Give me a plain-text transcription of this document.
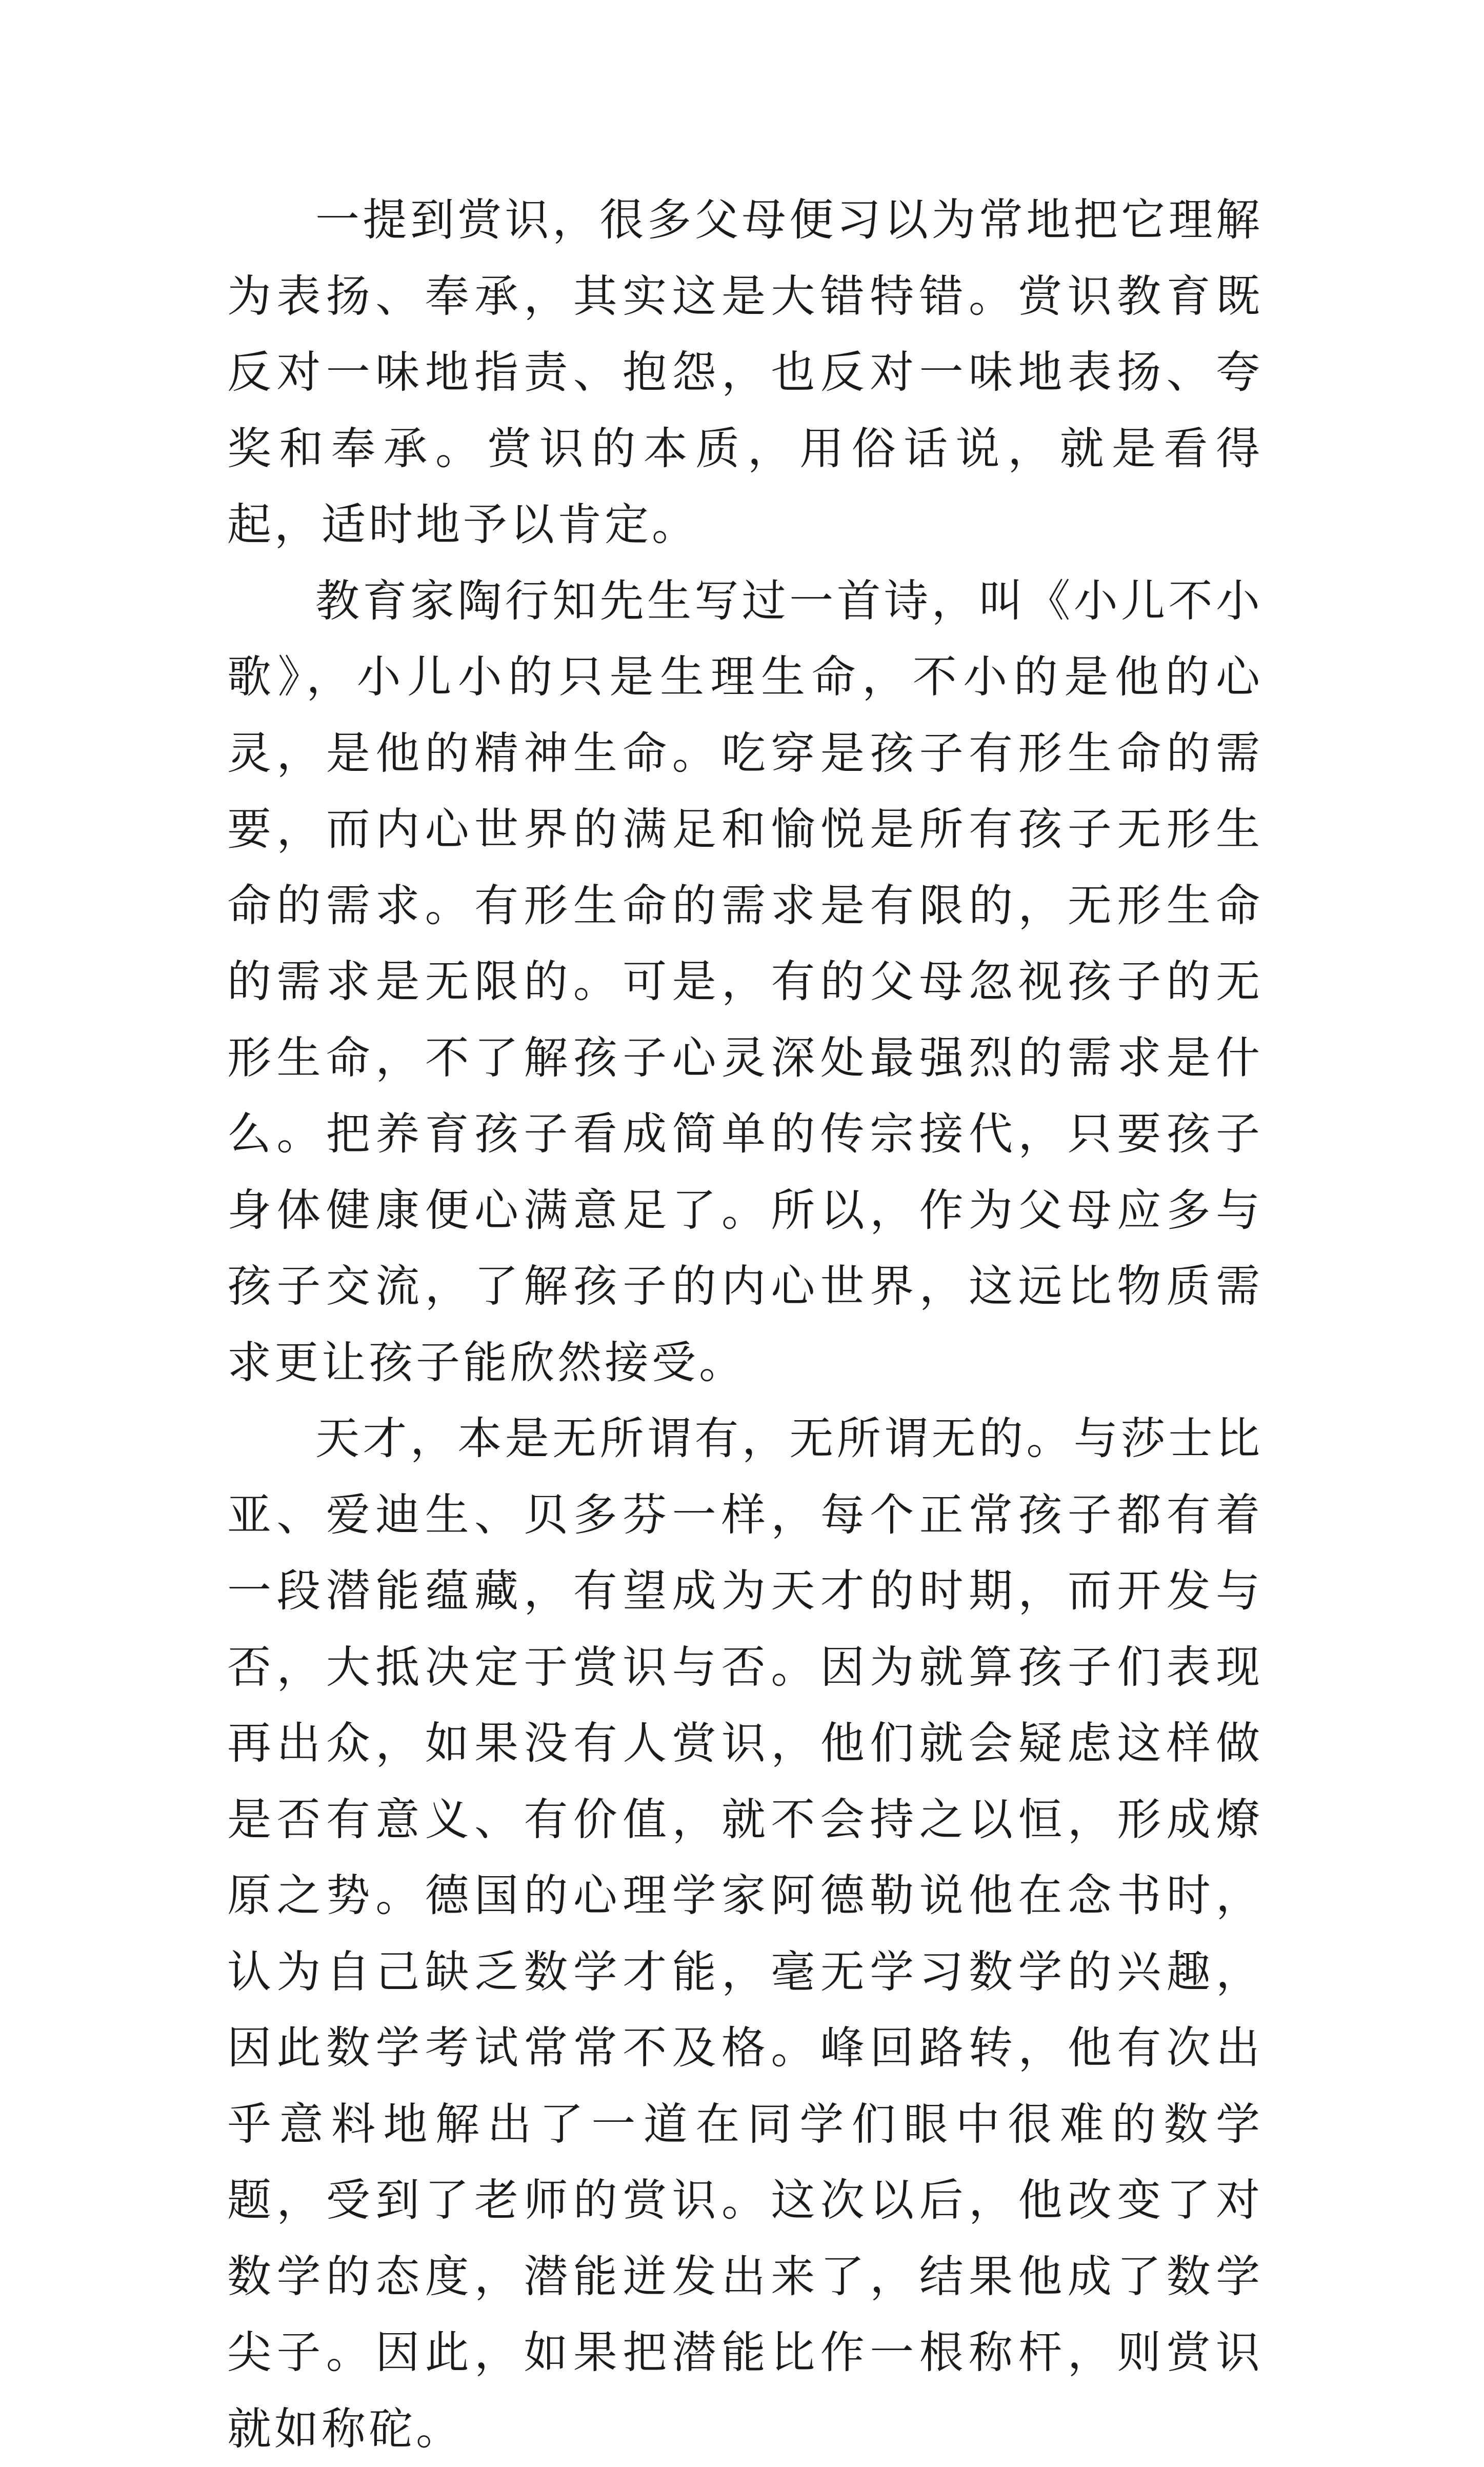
一提到赏识，很多父母便习以为常地把它理解为表扬、奉承，其实这是大错特错。赏识教育既反对一味地指责、抱怨，也反对一味地表扬、夸奖和奉承。赏识的本质，用俗话说，就是看得起，适时地予以肯定。

教育家陶行知先生写过一首诗，叫《小儿不小歌》，小儿小的只是生理生命，不小的是他的心灵，是他的精神生命。吃穿是孩子有形生命的需要，而内心世界的满足和愉悦是所有孩子无形生命的需求。有形生命的需求是有限的，无形生命的需求是无限的。可是，有的父母忽视孩子的无形生命，不了解孩子心灵深处最强烈的需求是什么。把养育孩子看成简单的传宗接代，只要孩子身体健康便心满意足了。所以，作为父母应多与孩子交流，了解孩子的内心世界，这远比物质需求更让孩子能欣然接受。

天才，本是无所谓有，无所谓无的。与莎士比亚、爱迪生、贝多芬一样，每个正常孩子都有着一段潜能蕴藏，有望成为天才的时期，而开发与否，大抵决定于赏识与否。因为就算孩子们表现再出众，如果没有人赏识，他们就会疑虑这样做是否有意义、有价值，就不会持之以恒，形成燎原之势。德国的心理学家阿德勒说他在念书时，认为自己缺乏数学才能，毫无学习数学的兴趣，因此数学考试常常不及格。峰回路转，他有次出乎意料地解出了一道在同学们眼中很难的数学题，受到了老师的赏识。这次以后，他改变了对数学的态度，潜能迸发出来了，结果他成了数学尖子。因此，如果把潜能比作一根称杆，则赏识就如称砣。
